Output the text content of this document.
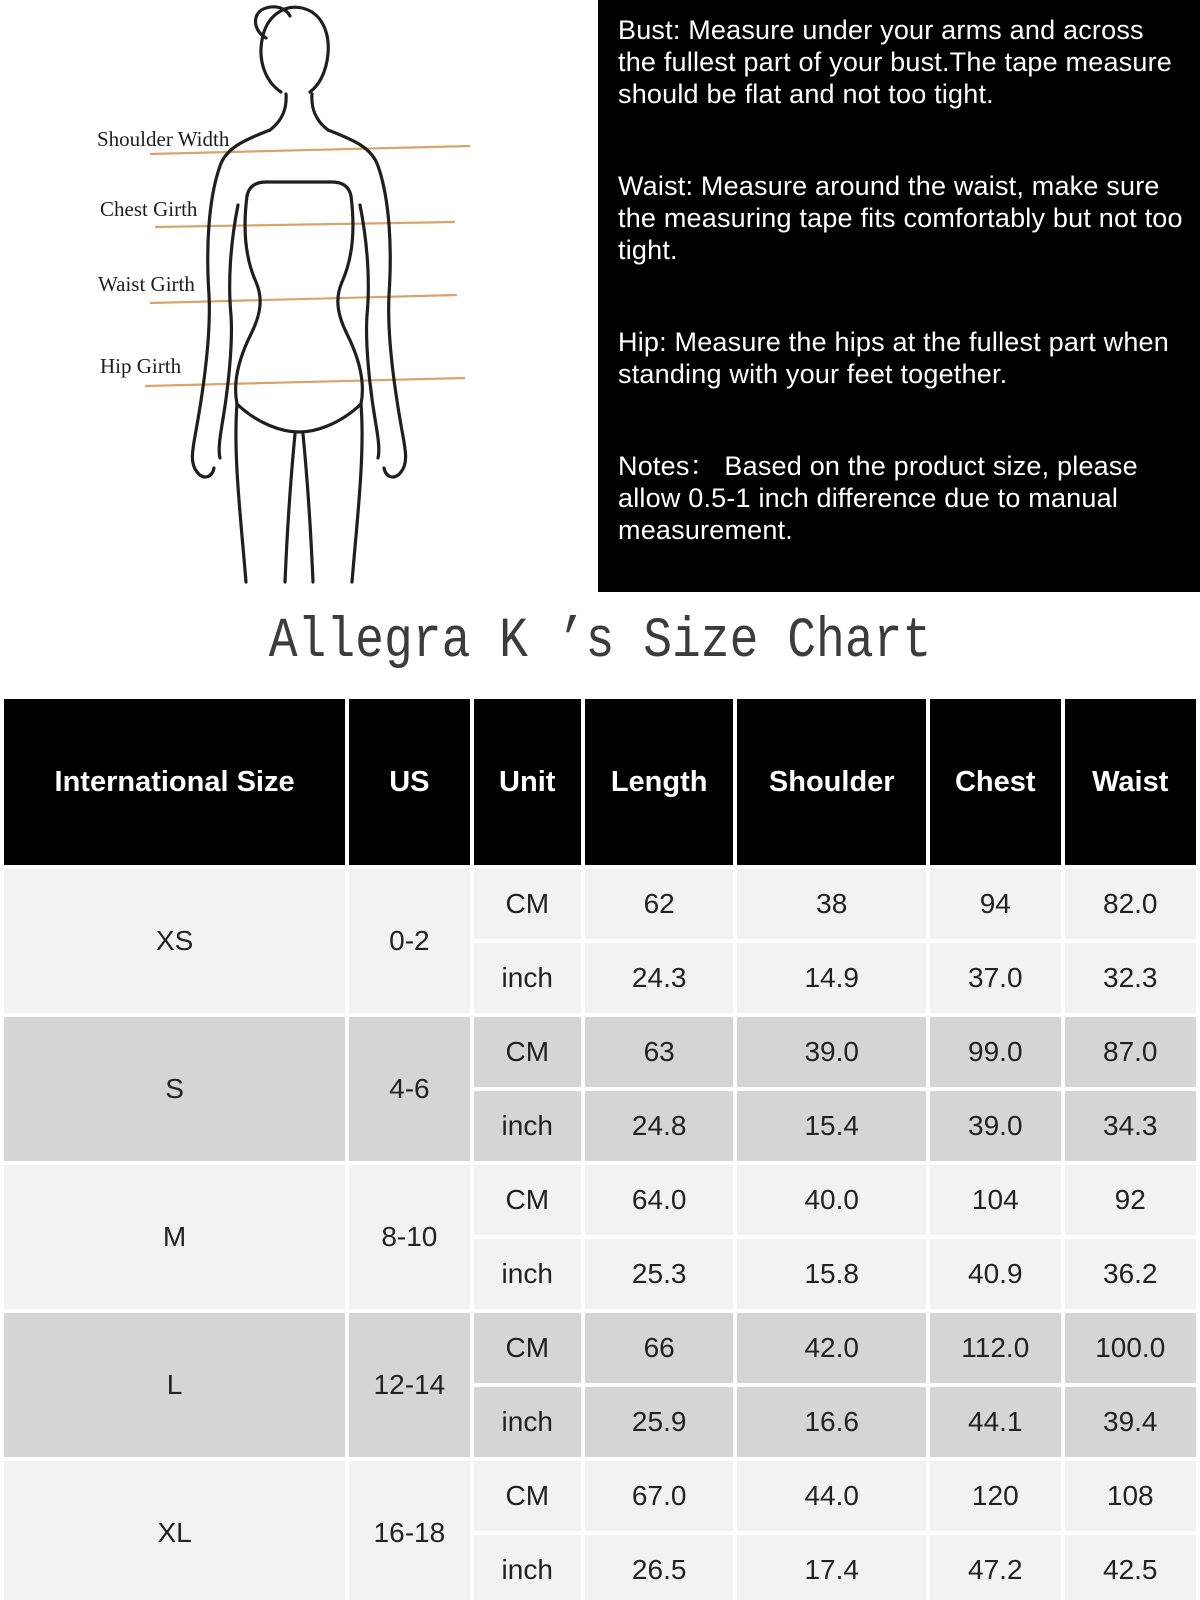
Shoulder Width
Chest Girth
Waist Girth
Hip Girth

Bust: Measure under your arms and across the fullest part of your bust.The tape measure should be flat and not too tight.

Waist: Measure around the waist, make sure the measuring tape fits comfortably but not too tight.

Hip: Measure the hips at the fullest part when standing with your feet together.

Notes： Based on the product size, please allow 0.5-1 inch difference due to manual measurement.

Allegra K ’s Size Chart
International Size	US	Unit	Length	Shoulder	Chest	Waist
XS	0-2	CM	62	38	94	82.0
		inch	24.3	14.9	37.0	32.3
S	4-6	CM	63	39.0	99.0	87.0
		inch	24.8	15.4	39.0	34.3
M	8-10	CM	64.0	40.0	104	92
		inch	25.3	15.8	40.9	36.2
L	12-14	CM	66	42.0	112.0	100.0
		inch	25.9	16.6	44.1	39.4
XL	16-18	CM	67.0	44.0	120	108
		inch	26.5	17.4	47.2	42.5
